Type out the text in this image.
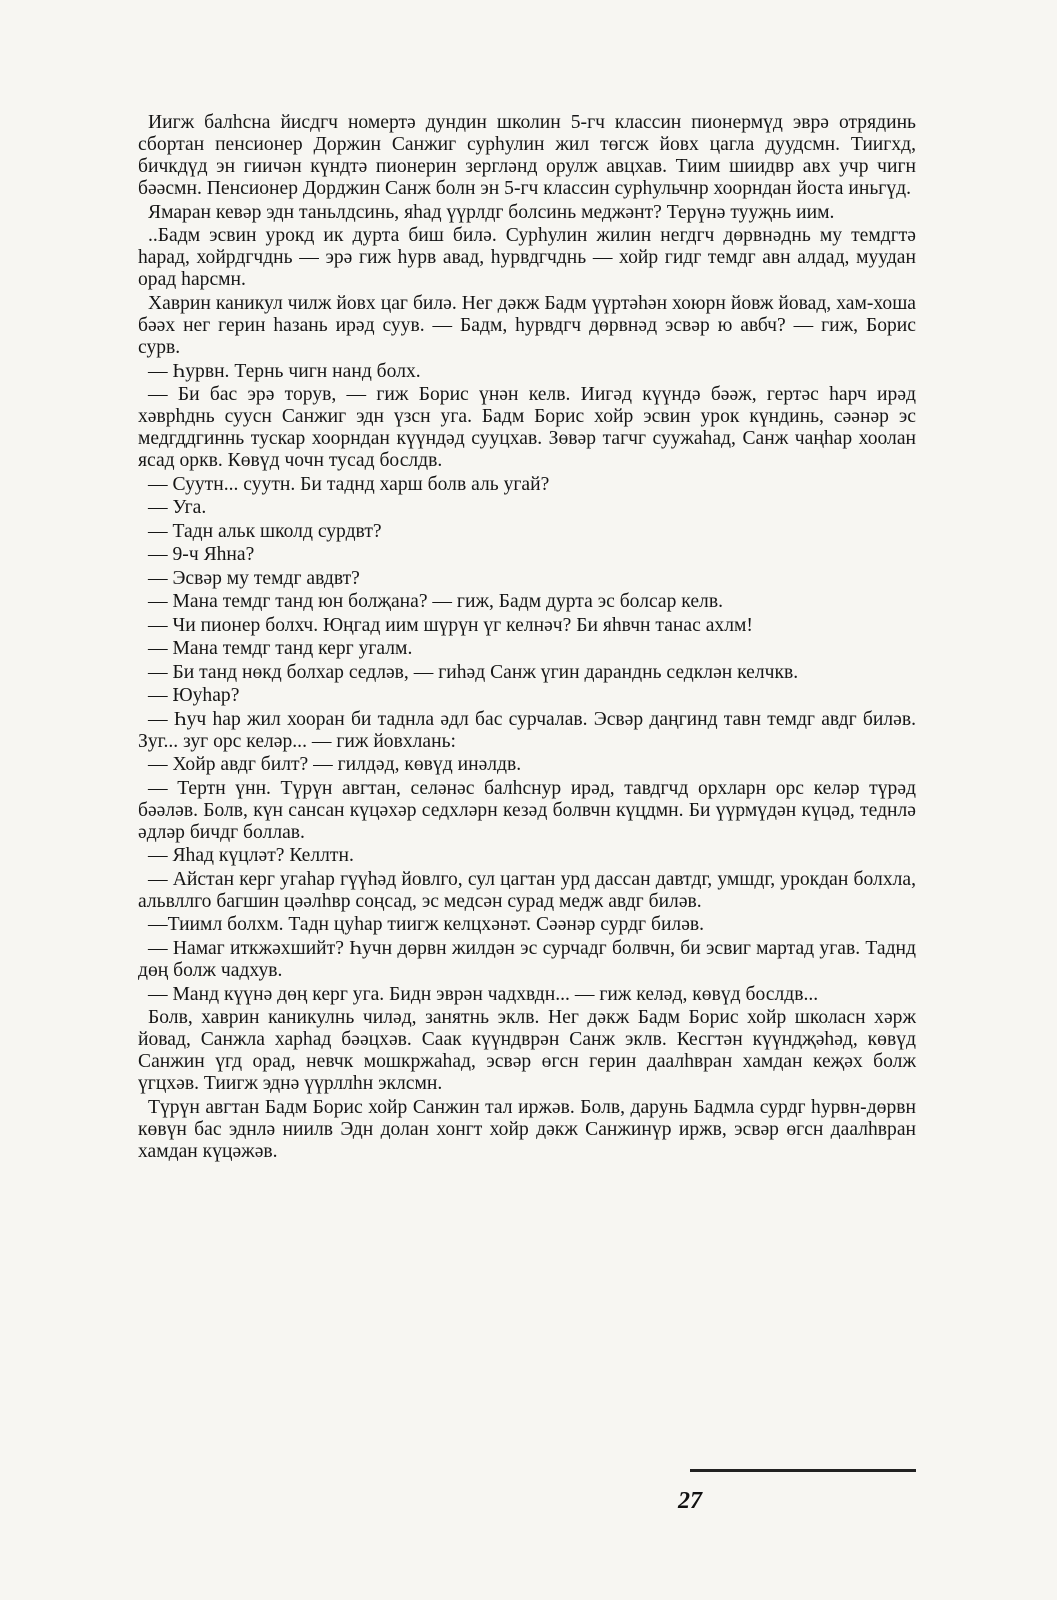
Иигж балһсна йисдгч номертә дундин школин 5-гч классин пионермүд эврә отрядинь сбортан пенсионер Доржин Санжиг сурһулин жил төгсж йовх цагла дуудсмн. Тиигхд, бичкдүд эн гиичән күндтә пионерин зергләнд орулж авцхав. Тиим шиидвр авх учр чигн бәәсмн. Пенсионер Дорджин Санж болн эн 5-гч классин сурһульчнр хоорндан йоста иньгүд.

Ямаран кевәр эдн таньлдсинь, яһад үүрлдг болсинь меджәнт? Терүнә тууҗнь иим.

..Бадм эсвин урокд ик дурта биш билә. Сурһулин жилин негдгч дөрвнәднь му темдгтә һарад, хойрдгчднь — эрә гиж һурв авад, һурвдгчднь — хойр гидг темдг авн алдад, муудан орад һарсмн.

Хаврин каникул чилж йовх цаг билә. Нег дәкж Бадм үүртәһән хоюрн йовж йовад, хам-хоша бәәх нег герин һазань ирәд суув. — Бадм, һурвдгч дөрвнәд эсвәр ю авбч? — гиж, Борис сурв.

— Һурвн. Тернь чигн нанд болх.

— Би бас эрә торув, — гиж Борис үнән келв. Иигәд күүндә бәәж, гертәс һарч ирәд хәврһднь суусн Санжиг эдн үзсн уга. Бадм Борис хойр эсвин урок күндинь, сәәнәр эс медгддгиннь тускар хоорндан күүндәд сууцхав. Зөвәр тагчг суужаһад, Санж чаңһар хоолан ясад оркв. Көвүд чочн тусад бослдв.

— Суутн... суутн. Би таднд харш болв аль угай?

— Уга.

— Тадн альк школд сурдвт?

— 9-ч Яһна?

— Эсвәр му темдг авдвт?

— Мана темдг танд юн болҗана? — гиж, Бадм дурта эс болсар келв.

— Чи пионер болхч. Юңгад иим шүрүн үг келнәч? Би яһвчн танас ахлм!

— Мана темдг танд керг угалм.

— Би танд нөкд болхар седләв, — гиһәд Санж үгин даранднь седклән келчкв.

— Юуһар?

— Һуч һар жил хооран би таднла әдл бас сурчалав. Эсвәр даңгинд тавн темдг авдг биләв. Зуг... зуг орс келәр... — гиж йовхлань:

— Хойр авдг билт? — гилдәд, көвүд инәлдв.

— Тертн үнн. Түрүн авгтан, селәнәс балһснур ирәд, тавдгчд орхларн орс келәр түрәд бәәләв. Болв, күн сансан күцәхәр седхләрн кезәд болвчн күцдмн. Би үүрмүдән күцәд, теднлә әдләр бичдг боллав.

— Яһад күцләт? Келлтн.

— Айстан керг угаһар гүүһәд йовлго, сул цагтан урд дассан давтдг, умшдг, урокдан болхла, альвллго багшин цәәлһвр соңсад, эс медсән сурад медж авдг биләв.

—Тиимл болхм. Тадн цуһар тиигж келцхәнәт. Сәәнәр сурдг биләв.

— Намаг иткжәхшийт? Һучн дөрвн жилдән эс сурчадг болвчн, би эсвиг мартад угав. Таднд дөң болж чадхув.

— Манд күүнә дөң керг уга. Бидн эврән чадхвдн... — гиж келәд, көвүд бослдв...

Болв, хаврин каникулнь чиләд, занятнь эклв. Нег дәкж Бадм Борис хойр школасн хәрж йовад, Санжла харһад бәәцхәв. Саак күүндврән Санж эклв. Кесгтән күүндҗәһәд, көвүд Санжин үгд орад, невчк мошкржаһад, эсвәр өгсн герин даалһвран хамдан кеҗәх болж үгцхәв. Тиигж эднә үүрллһн эклсмн.

Түрүн авгтан Бадм Борис хойр Санжин тал иржәв. Болв, дарунь Бадмла сурдг һурвн-дөрвн көвүн бас эднлә ниилв Эдн долан хонгт хойр дәкж Санжинүр иржв, эсвәр өгсн даалһвран хамдан күцәжәв.

27
